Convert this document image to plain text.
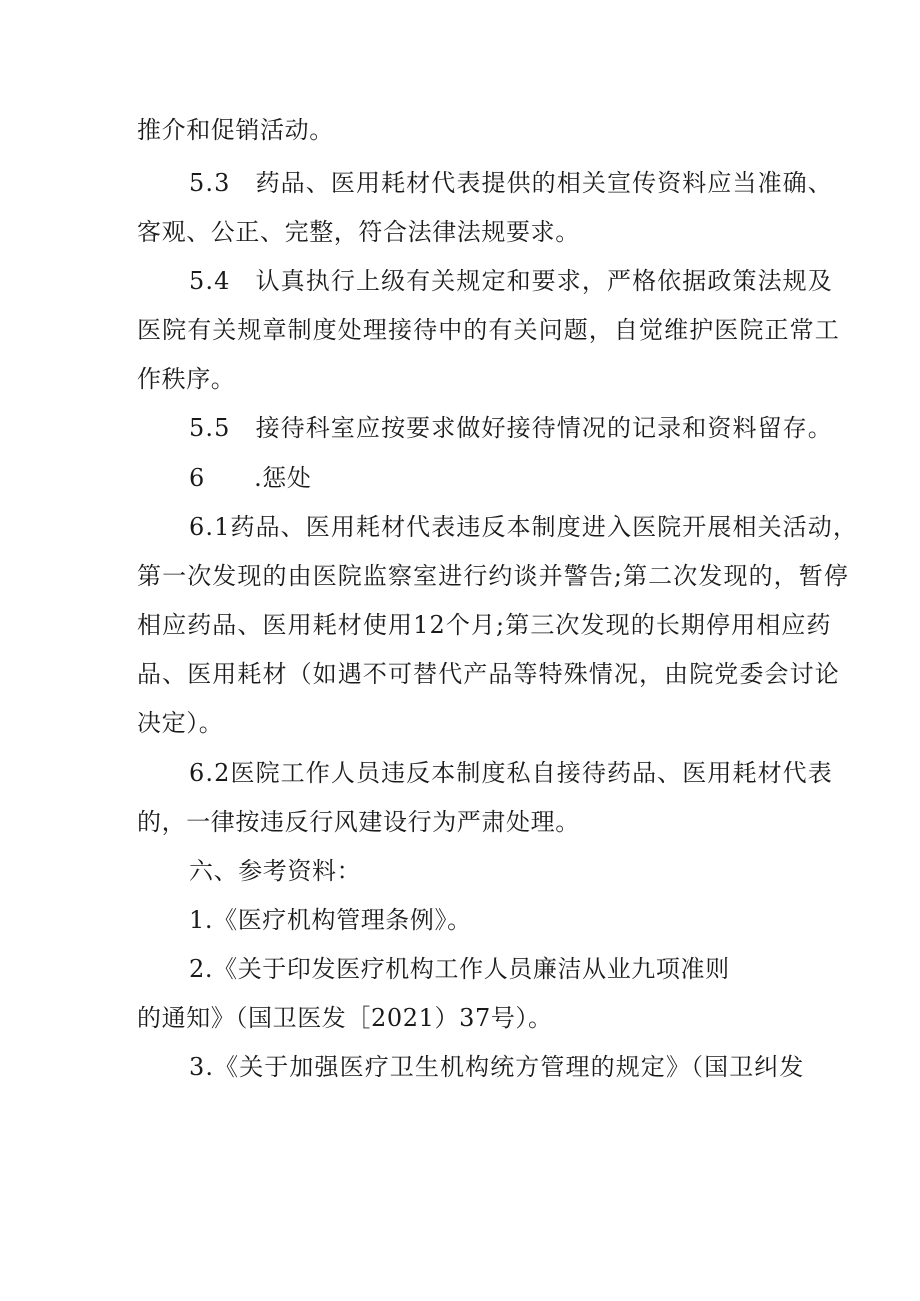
推介和促销活动。
5.3　药品、医用耗材代表提供的相关宣传资料应当准确、
客观、公正、完整，符合法律法规要求。
5.4　认真执行上级有关规定和要求，严格依据政策法规及
医院有关规章制度处理接待中的有关问题，自觉维护医院正常工
作秩序。
5.5　接待科室应按要求做好接待情况的记录和资料留存。
6　　.惩处
6.1药品、医用耗材代表违反本制度进入医院开展相关活动，
第一次发现的由医院监察室进行约谈并警告;第二次发现的，暂停
相应药品、医用耗材使用12个月;第三次发现的长期停用相应药
品、医用耗材（如遇不可替代产品等特殊情况，由院党委会讨论
决定）。
6.2医院工作人员违反本制度私自接待药品、医用耗材代表
的，一律按违反行风建设行为严肃处理。
六、参考资料：
1.《医疗机构管理条例》。
2.《关于印发医疗机构工作人员廉洁从业九项准则
的通知》（国卫医发［2021）37号）。
3.《关于加强医疗卫生机构统方管理的规定》（国卫纠发
